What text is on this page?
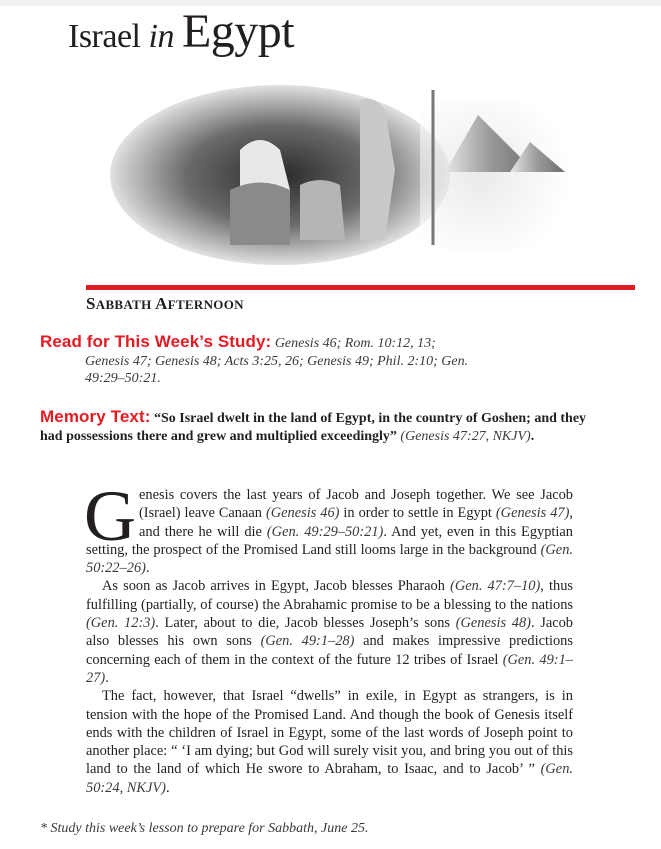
Israel in Egypt
SABBATH AFTERNOON
Read for This Week’s Study: Genesis 46; Rom. 10:12, 13;
Genesis 47; Genesis 48; Acts 3:25, 26; Genesis 49; Phil. 2:10; Gen.
49:29–50:21.
Memory Text: “So Israel dwelt in the land of Egypt, in the country of Goshen; and they had possessions there and grew and multiplied exceedingly” (Genesis 47:27, NKJV).

Genesis covers the last years of Jacob and Joseph together. We see Jacob (Israel) leave Canaan (Genesis 46) in order to settle in Egypt (Genesis 47), and there he will die (Gen. 49:29–50:21). And yet, even in this Egyptian setting, the prospect of the Promised Land still looms large in the background (Gen. 50:22–26).

As soon as Jacob arrives in Egypt, Jacob blesses Pharaoh (Gen. 47:7–10), thus fulfilling (partially, of course) the Abrahamic promise to be a blessing to the nations (Gen. 12:3). Later, about to die, Jacob blesses Joseph’s sons (Genesis 48). Jacob also blesses his own sons (Gen. 49:1–28) and makes impressive predictions concerning each of them in the context of the future 12 tribes of Israel (Gen. 49:1–27).

The fact, however, that Israel “dwells” in exile, in Egypt as strangers, is in tension with the hope of the Promised Land. And though the book of Genesis itself ends with the children of Israel in Egypt, some of the last words of Joseph point to another place: “ ‘I am dying; but God will surely visit you, and bring you out of this land to the land of which He swore to Abraham, to Isaac, and to Jacob’ ” (Gen. 50:24, NKJV).

* Study this week’s lesson to prepare for Sabbath, June 25.
